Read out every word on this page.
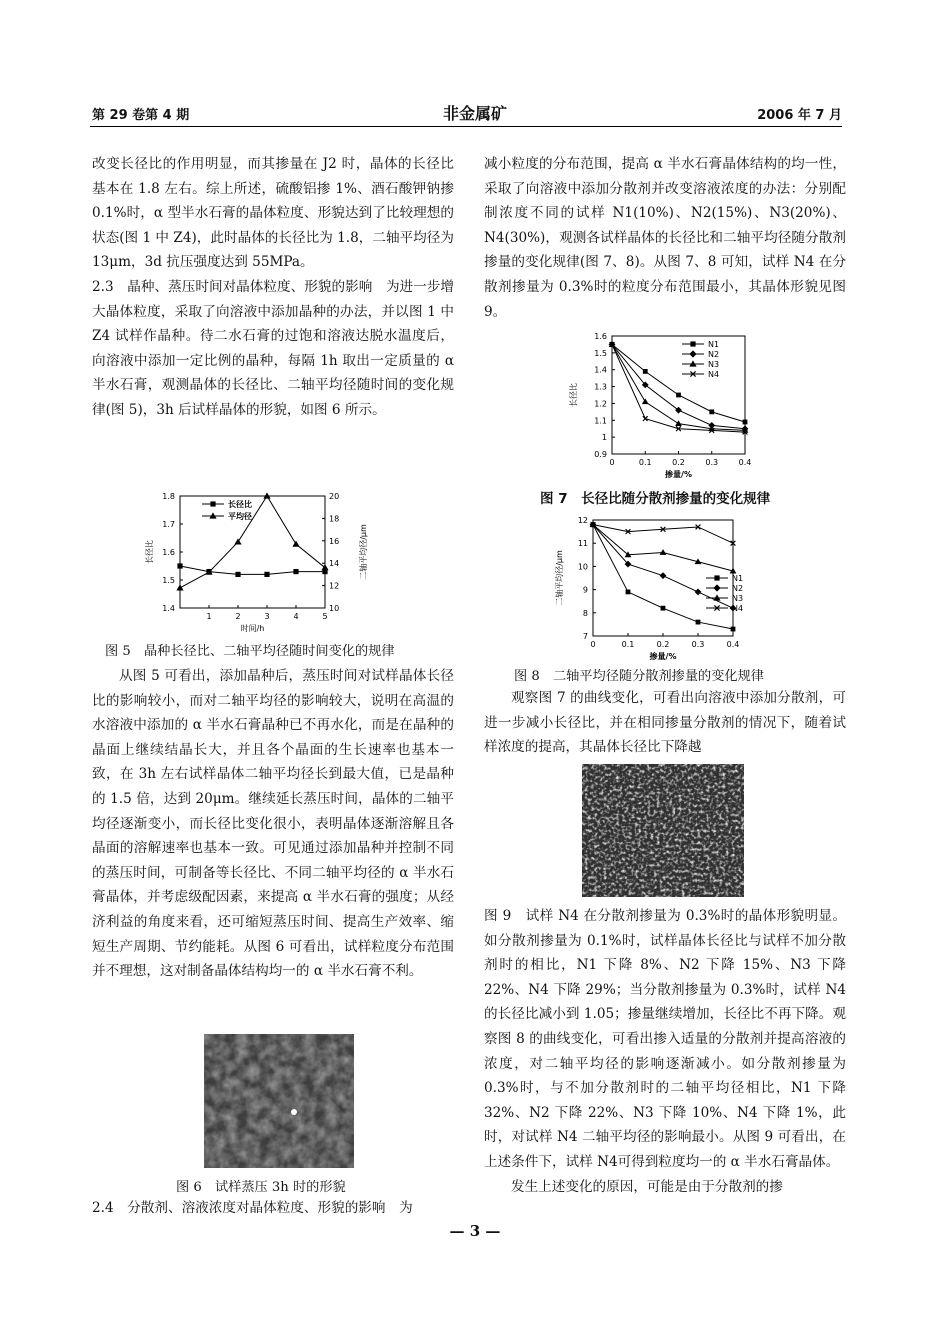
第 29 卷第 4 期	非金属矿	2006 年 7 月

改变长径比的作用明显，而其掺量在 J2 时，晶体的长径比基本在 1.8 左右。综上所述，硫酸铝掺 1%、酒石酸钾钠掺 0.1%时，α 型半水石膏的晶体粒度、形貌达到了比较理想的状态(图 1 中 Z4)，此时晶体的长径比为 1.8，二轴平均径为 13μm，3d 抗压强度达到 55MPa。

2.3　晶种、蒸压时间对晶体粒度、形貌的影响　为进一步增大晶体粒度，采取了向溶液中添加晶种的办法，并以图 1 中 Z4 试样作晶种。待二水石膏的过饱和溶液达脱水温度后，向溶液中添加一定比例的晶种，每隔 1h 取出一定质量的 α 半水石膏，观测晶体的长径比、二轴平均径随时间的变化规律(图 5)，3h 后试样晶体的形貌，如图 6 所示。

1.4
1.5
1.6
1.7
1.8
10
12
14
16
18
20
1	2	3	4	5
时间/h
长径比	二轴平均径/μm
长径比
平均径
图 5　晶种长径比、二轴平均径随时间变化的规律

从图 5 可看出，添加晶种后，蒸压时间对试样晶体长径比的影响较小，而对二轴平均径的影响较大，说明在高温的水溶液中添加的 α 半水石膏晶种已不再水化，而是在晶种的晶面上继续结晶长大，并且各个晶面的生长速率也基本一致，在 3h 左右试样晶体二轴平均径长到最大值，已是晶种的 1.5 倍，达到 20μm。继续延长蒸压时间，晶体的二轴平均径逐渐变小，而长径比变化很小，表明晶体逐渐溶解且各晶面的溶解速率也基本一致。可见通过添加晶种并控制不同的蒸压时间，可制备等长径比、不同二轴平均径的 α 半水石膏晶体，并考虑级配因素，来提高 α 半水石膏的强度；从经济利益的角度来看，还可缩短蒸压时间、提高生产效率、缩短生产周期、节约能耗。从图 6 可看出，试样粒度分布范围并不理想，这对制备晶体结构均一的 α 半水石膏不利。

图 6　试样蒸压 3h 时的形貌

2.4　分散剂、溶液浓度对晶体粒度、形貌的影响　为

减小粒度的分布范围，提高 α 半水石膏晶体结构的均一性，采取了向溶液中添加分散剂并改变溶液浓度的办法：分别配制浓度不同的试样 N1(10%)、N2(15%)、N3(20%)、N4(30%)，观测各试样晶体的长径比和二轴平均径随分散剂掺量的变化规律(图 7、8)。从图 7、8 可知，试样 N4 在分散剂掺量为 0.3%时的粒度分布范围最小，其晶体形貌见图 9。

0.9
1
1.1
1.2
1.3
1.4
1.5
1.6
0	0.1	0.2	0.3	0.4
掺量/%
长径比
N1
N2
N3
N4
图 7　长径比随分散剂掺量的变化规律
7
8
9
10
11
12
0	0.1	0.2	0.3	0.4
掺量/%
二轴平均径/μm	N1
N2
N3
N4
图 8　二轴平均径随分散剂掺量的变化规律

观察图 7 的曲线变化，可看出向溶液中添加分散剂，可进一步减小长径比，并在相同掺量分散剂的情况下，随着试样浓度的提高，其晶体长径比下降越

图 9　试样 N4 在分散剂掺量为 0.3%时的晶体形貌明显。如分散剂掺量为 0.1%时，试样晶体长径比与试样不加分散剂时的相比，N1 下降 8%、N2 下降 15%、N3 下降 22%、N4 下降 29%；当分散剂掺量为 0.3%时，试样 N4的长径比减小到 1.05；掺量继续增加，长径比不再下降。观察图 8 的曲线变化，可看出掺入适量的分散剂并提高溶液的浓度，对二轴平均径的影响逐渐减小。如分散剂掺量为 0.3%时，与不加分散剂时的二轴平均径相比，N1 下降 32%、N2 下降 22%、N3 下降 10%、N4 下降 1%，此时，对试样 N4 二轴平均径的影响最小。从图 9 可看出，在上述条件下，试样 N4可得到粒度均一的 α 半水石膏晶体。

发生上述变化的原因，可能是由于分散剂的掺

— 3 —
